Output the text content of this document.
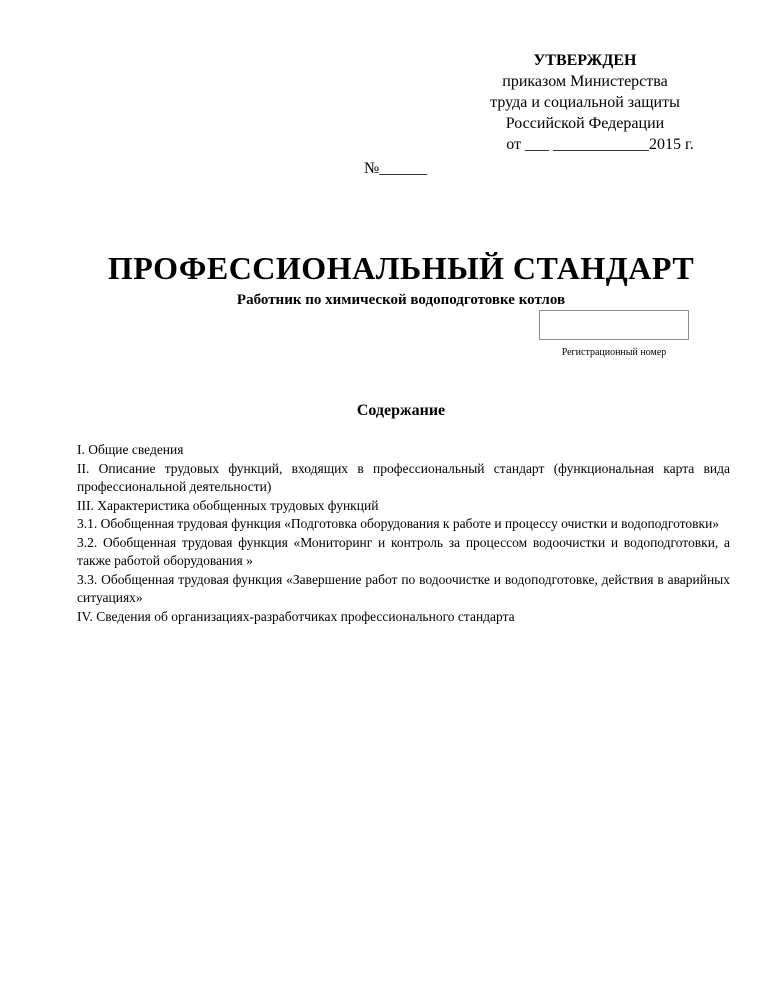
УТВЕРЖДЕН
приказом Министерства
труда и социальной защиты
Российской Федерации
от ___ ____________2015 г.
№______
ПРОФЕССИОНАЛЬНЫЙ СТАНДАРТ
Работник по химической водоподготовке котлов
Регистрационный номер
Содержание
I. Общие сведения
II. Описание трудовых функций, входящих в профессиональный стандарт (функциональная карта вида профессиональной деятельности)
III. Характеристика обобщенных трудовых функций
3.1. Обобщенная трудовая функция «Подготовка оборудования к работе и процессу очистки и водоподготовки»
3.2. Обобщенная трудовая функция «Мониторинг и контроль за процессом водоочистки и водоподготовки, а также работой оборудования »
3.3. Обобщенная трудовая функция «Завершение работ по водоочистке и водоподготовке, действия в аварийных ситуациях»
IV. Сведения об организациях-разработчиках профессионального стандарта
